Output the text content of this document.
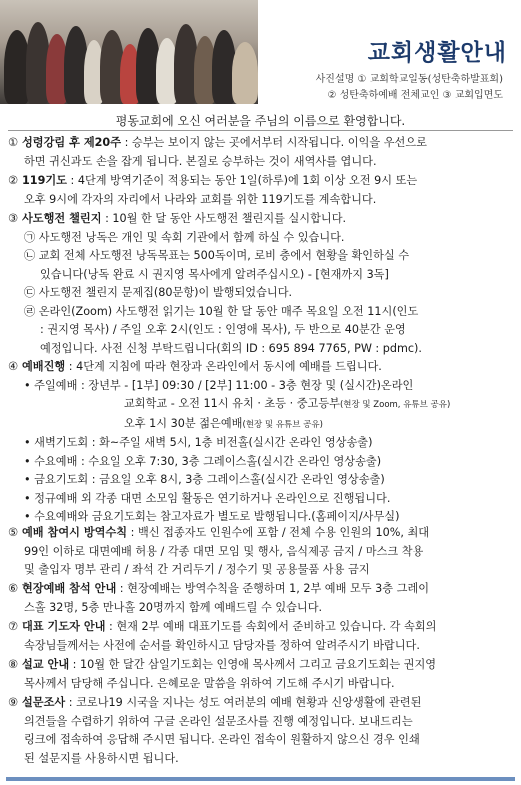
교회생활안내
사진설명 ① 교회학교일동(성탄축하발표회)
② 성탄축하예배 전체교인 ③ 교회입면도
평동교회에 오신 여러분을 주님의 이름으로 환영합니다.
① 성령강림 후 제20주 : 승부는 보이지 않는 곳에서부터 시작됩니다. 이익을 우선으로
하면 귀신과도 손을 잡게 됩니다. 본질로 승부하는 것이 새역사를 엽니다.
② 119기도 : 4단계 방역기준이 적용되는 동안 1일(하루)에 1회 이상 오전 9시 또는
오후 9시에 각자의 자리에서 나라와 교회를 위한 119기도를 계속합니다.
③ 사도행전 챌린지 : 10월 한 달 동안 사도행전 챌린지를 실시합니다.
㉠ 사도행전 낭독은 개인 및 속회 기관에서 함께 하실 수 있습니다.
㉡ 교회 전체 사도행전 낭독목표는 500독이며, 로비 층에서 현황을 확인하실 수
있습니다(낭독 완료 시 권지영 목사에게 알려주십시오) - [현재까지 3독]
㉢ 사도행전 챌린지 문제집(80문항)이 발행되었습니다.
㉣ 온라인(Zoom) 사도행전 읽기는 10월 한 달 동안 매주 목요일 오전 11시(인도
: 권지영 목사) / 주일 오후 2시(인도 : 인영애 목사), 두 반으로 40분간 운영
예정입니다. 사전 신청 부탁드립니다(회의 ID : 695 894 7765, PW : pdmc).
④ 예배진행 : 4단계 지침에 따라 현장과 온라인에서 동시에 예배를 드립니다.
• 주일예배 : 장년부 - [1부] 09:30 / [2부] 11:00 - 3층 현장 및 (실시간)온라인
교회학교 - 오전 11시 유치 · 초등 · 중고등부(현장 및 Zoom, 유튜브 공유)
오후 1시 30분 젊은예배(현장 및 유튜브 공유)
• 새벽기도회 : 화~주일 새벽 5시, 1층 비전홀(실시간 온라인 영상송출)
• 수요예배 : 수요일 오후 7:30, 3층 그레이스홀(실시간 온라인 영상송출)
• 금요기도회 : 금요일 오후 8시, 3층 그레이스홀(실시간 온라인 영상송출)
• 정규예배 외 각종 대면 소모임 활동은 연기하거나 온라인으로 진행됩니다.
• 수요예배와 금요기도회는 참고자료가 별도로 발행됩니다.(홈페이지/사무실)
⑤ 예배 참여시 방역수칙 : 백신 접종자도 인원수에 포함 / 전체 수용 인원의 10%, 최대
99인 이하로 대면예배 허용 / 각종 대면 모임 및 행사, 음식제공 금지 / 마스크 착용
및 출입자 명부 관리 / 좌석 간 거리두기 / 정수기 및 공용물품 사용 금지
⑥ 현장예배 참석 안내 : 현장예배는 방역수칙을 준행하며 1, 2부 예배 모두 3층 그레이
스홀 32명, 5층 만나홀 20명까지 함께 예배드릴 수 있습니다.
⑦ 대표 기도자 안내 : 현재 2부 예배 대표기도를 속회에서 준비하고 있습니다. 각 속회의
속장님들께서는 사전에 순서를 확인하시고 담당자를 정하여 알려주시기 바랍니다.
⑧ 설교 안내 : 10월 한 달간 삼일기도회는 인영애 목사께서 그리고 금요기도회는 권지영
목사께서 담당해 주십니다. 은혜로운 말씀을 위하여 기도해 주시기 바랍니다.
⑨ 설문조사 : 코로나19 시국을 지나는 성도 여러분의 예배 현황과 신앙생활에 관련된
의견들을 수렴하기 위하여 구글 온라인 설문조사를 진행 예정입니다. 보내드리는
링크에 접속하여 응답해 주시면 됩니다. 온라인 접속이 원활하지 않으신 경우 인쇄
된 설문지를 사용하시면 됩니다.
